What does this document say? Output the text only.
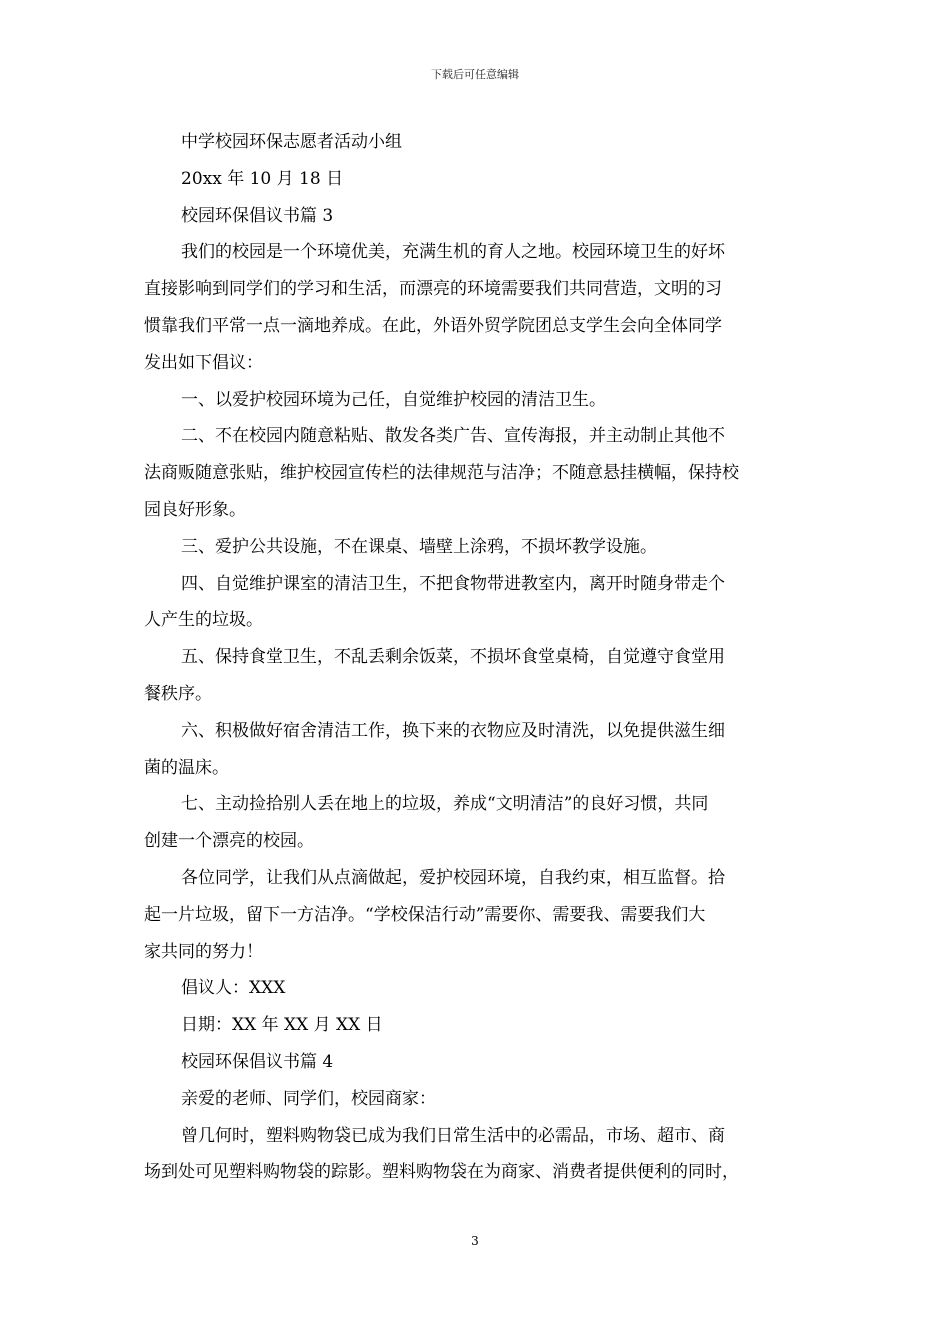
下载后可任意编辑

中学校园环保志愿者活动小组

20xx 年 10 月 18 日

校园环保倡议书篇 3

我们的校园是一个环境优美，充满生机的育人之地。校园环境卫生的好坏

直接影响到同学们的学习和生活，而漂亮的环境需要我们共同营造，文明的习

惯靠我们平常一点一滴地养成。在此，外语外贸学院团总支学生会向全体同学

发出如下倡议：

一、以爱护校园环境为己任，自觉维护校园的清洁卫生。

二、不在校园内随意粘贴、散发各类广告、宣传海报，并主动制止其他不

法商贩随意张贴，维护校园宣传栏的法律规范与洁净；不随意悬挂横幅，保持校

园良好形象。

三、爱护公共设施，不在课桌、墙壁上涂鸦，不损坏教学设施。

四、自觉维护课室的清洁卫生，不把食物带进教室内，离开时随身带走个

人产生的垃圾。

五、保持食堂卫生，不乱丢剩余饭菜，不损坏食堂桌椅，自觉遵守食堂用

餐秩序。

六、积极做好宿舍清洁工作，换下来的衣物应及时清洗，以免提供滋生细

菌的温床。

七、主动捡拾别人丢在地上的垃圾，养成“文明清洁”的良好习惯，共同

创建一个漂亮的校园。

各位同学，让我们从点滴做起，爱护校园环境，自我约束，相互监督。拾

起一片垃圾，留下一方洁净。“学校保洁行动”需要你、需要我、需要我们大

家共同的努力！

倡议人：XXX

日期：XX 年 XX 月 XX 日

校园环保倡议书篇 4

亲爱的老师、同学们，校园商家：

曾几何时，塑料购物袋已成为我们日常生活中的必需品，市场、超市、商

场到处可见塑料购物袋的踪影。塑料购物袋在为商家、消费者提供便利的同时，

3
